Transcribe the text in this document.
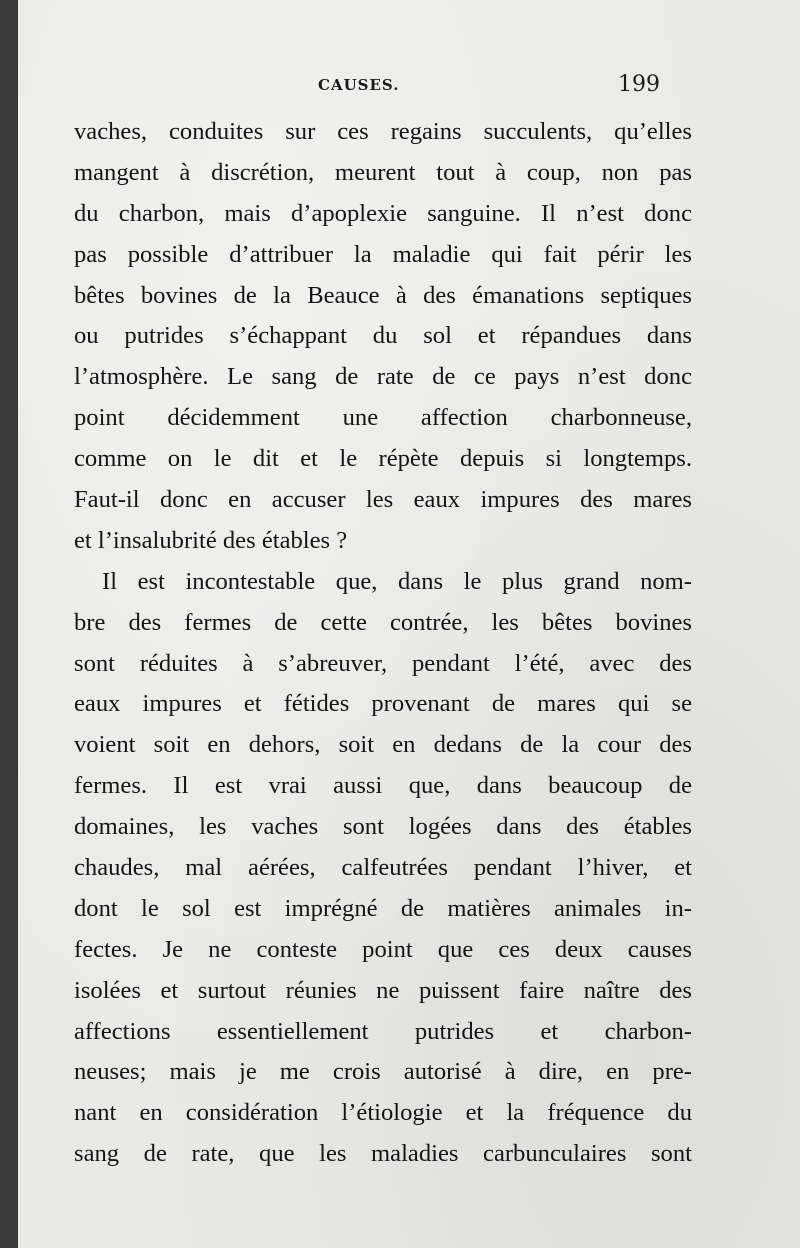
CAUSES.	199
vaches, conduites sur ces regains succulents, qu’elles
mangent à discrétion, meurent tout à coup, non pas
du charbon, mais d’apoplexie sanguine. Il n’est donc
pas possible d’attribuer la maladie qui fait périr les
bêtes bovines de la Beauce à des émanations septiques
ou putrides s’échappant du sol et répandues dans
l’atmosphère. Le sang de rate de ce pays n’est donc
point décidemment une affection charbonneuse,
comme on le dit et le répète depuis si longtemps.
Faut-il donc en accuser les eaux impures des mares
et l’insalubrité des étables ?
Il est incontestable que, dans le plus grand nom-
bre des fermes de cette contrée, les bêtes bovines
sont réduites à s’abreuver, pendant l’été, avec des
eaux impures et fétides provenant de mares qui se
voient soit en dehors, soit en dedans de la cour des
fermes. Il est vrai aussi que, dans beaucoup de
domaines, les vaches sont logées dans des étables
chaudes, mal aérées, calfeutrées pendant l’hiver, et
dont le sol est imprégné de matières animales in-
fectes. Je ne conteste point que ces deux causes
isolées et surtout réunies ne puissent faire naître des
affections essentiellement putrides et charbon-
neuses; mais je me crois autorisé à dire, en pre-
nant en considération l’étiologie et la fréquence du
sang de rate, que les maladies carbunculaires sont
